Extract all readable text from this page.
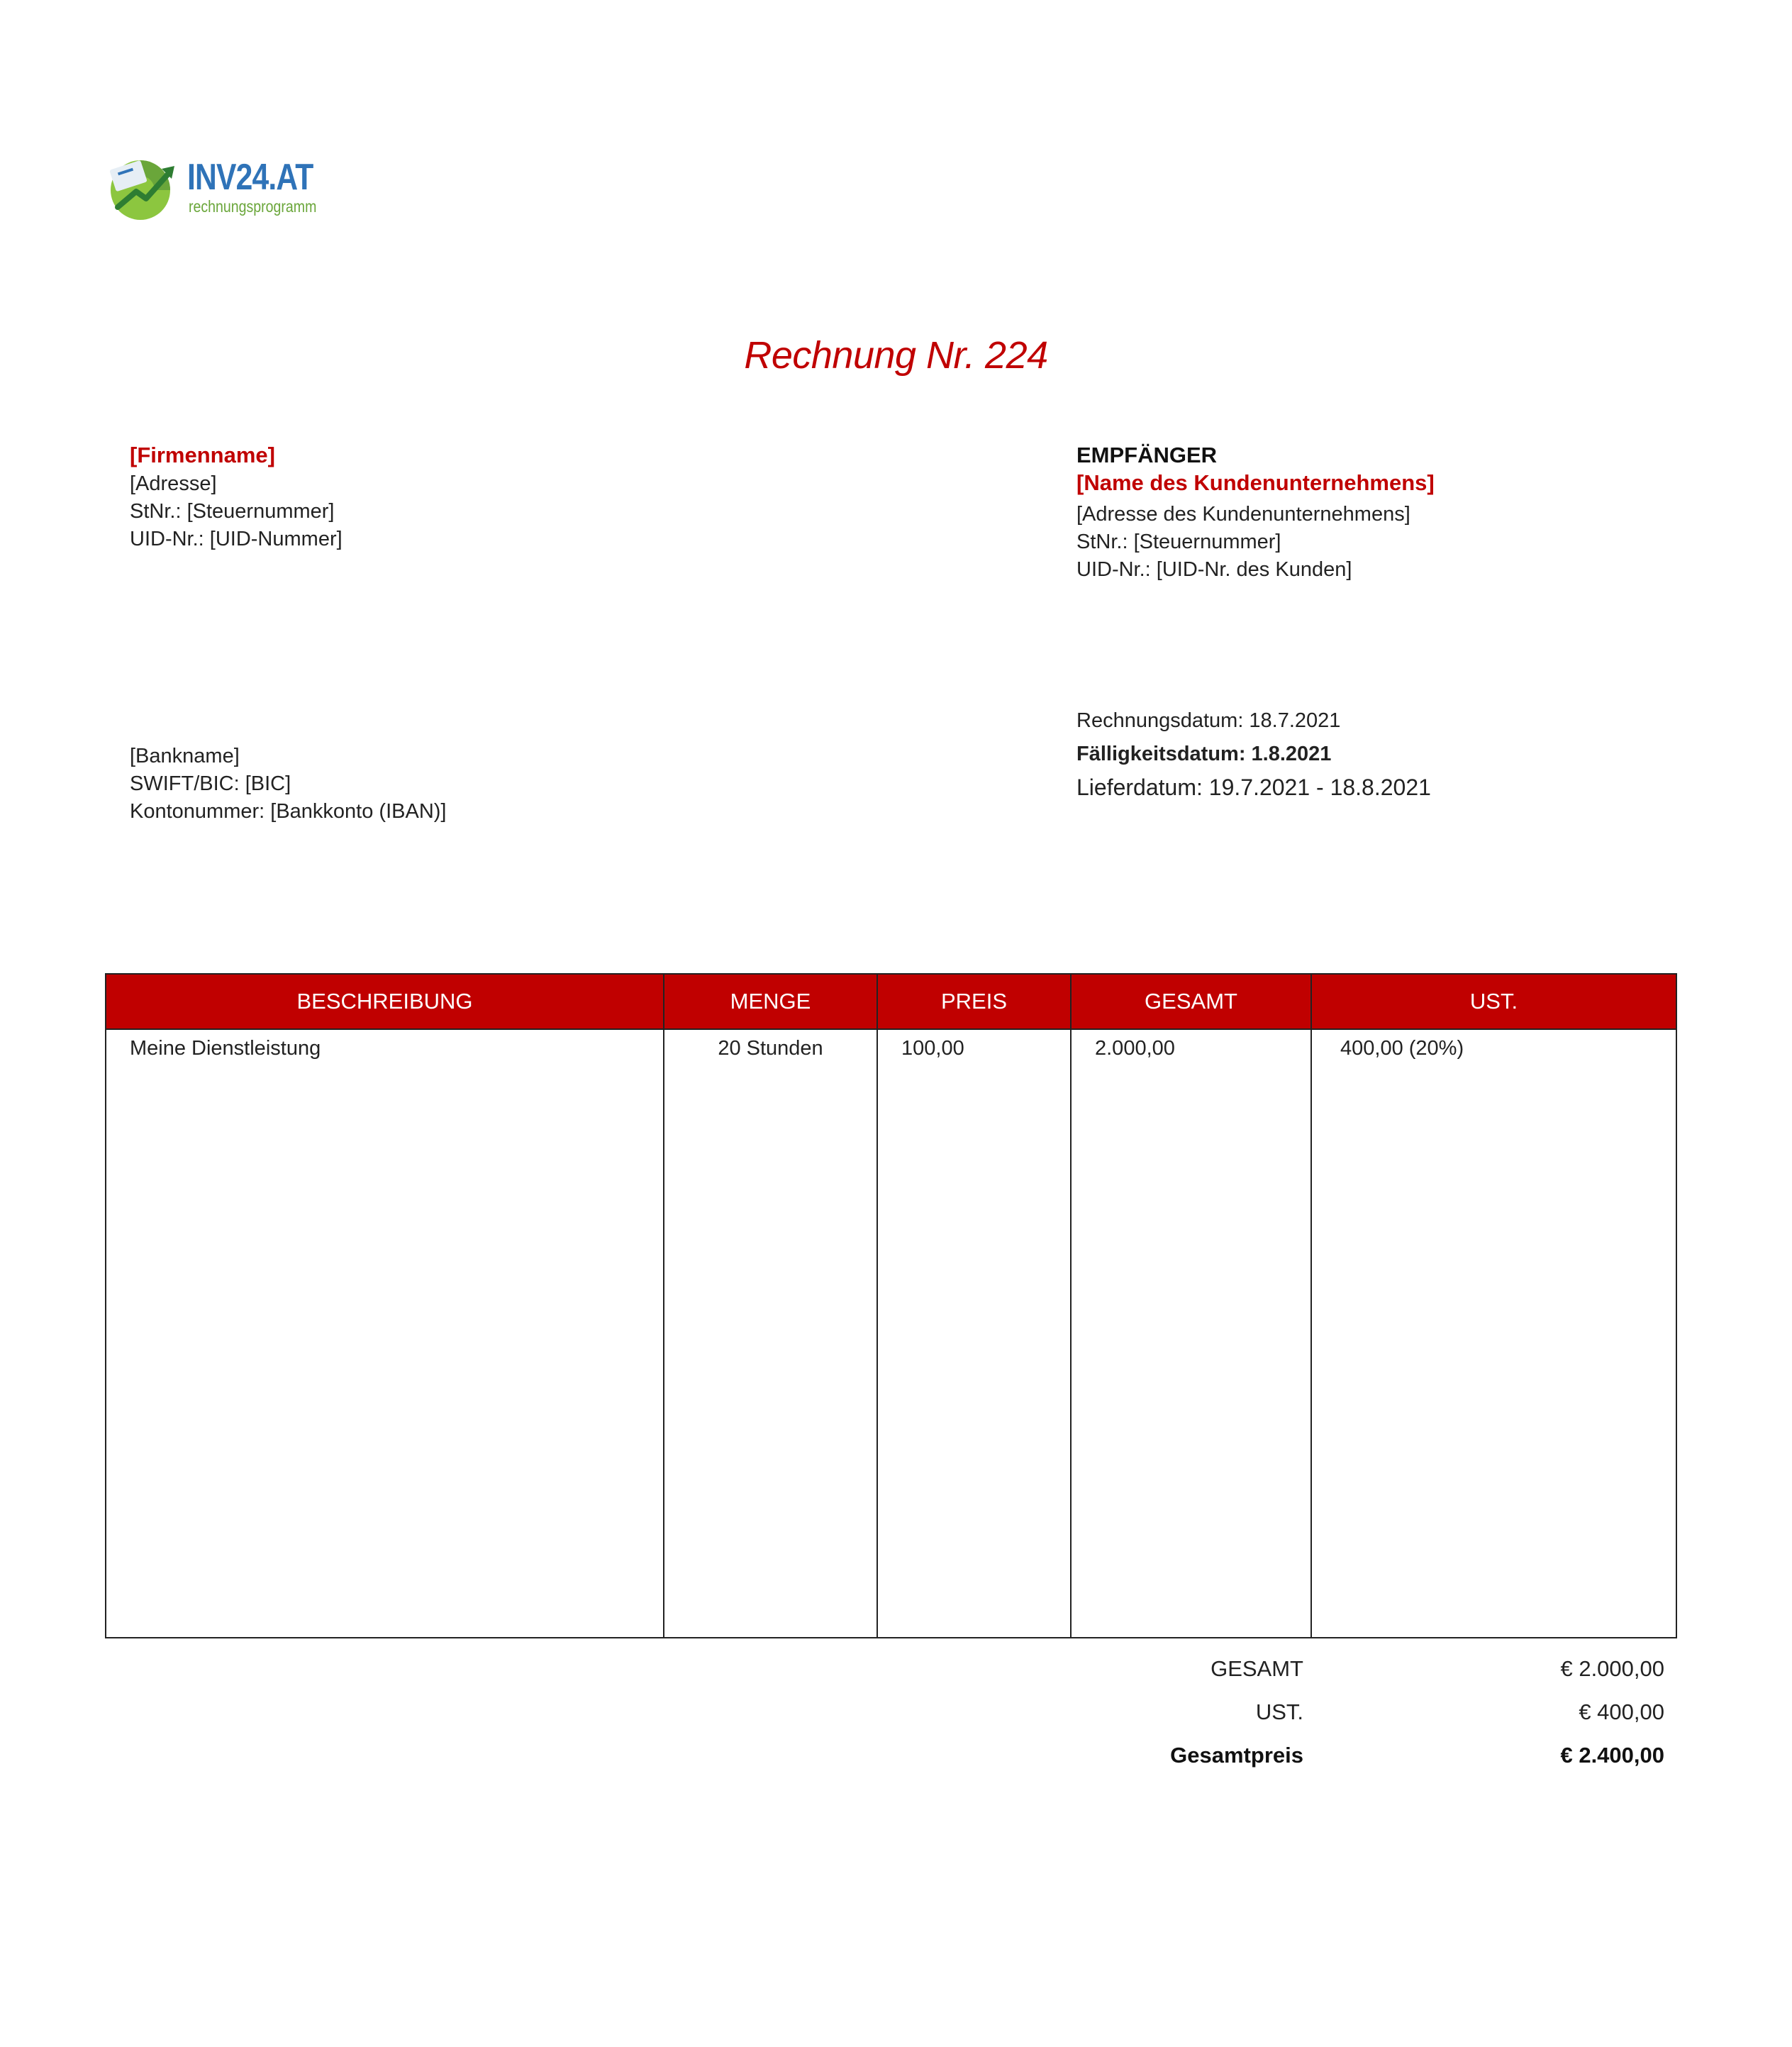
INV24.AT
rechnungsprogramm
Rechnung Nr. 224
[Firmenname]
[Adresse]
StNr.: [Steuernummer]
UID-Nr.: [UID-Nummer]
EMPFÄNGER
[Name des Kundenunternehmens]
[Adresse des Kundenunternehmens]
StNr.: [Steuernummer]
UID-Nr.: [UID-Nr. des Kunden]
[Bankname]
SWIFT/BIC: [BIC]
Kontonummer: [Bankkonto (IBAN)]
Rechnungsdatum: 18.7.2021
Fälligkeitsdatum: 1.8.2021
Lieferdatum: 19.7.2021 - 18.8.2021
BESCHREIBUNG	MENGE	PREIS	GESAMT	UST.
Meine Dienstleistung	20 Stunden	100,00	2.000,00	400,00 (20%)
GESAMT	€ 2.000,00
UST.	€ 400,00
Gesamtpreis	€ 2.400,00
